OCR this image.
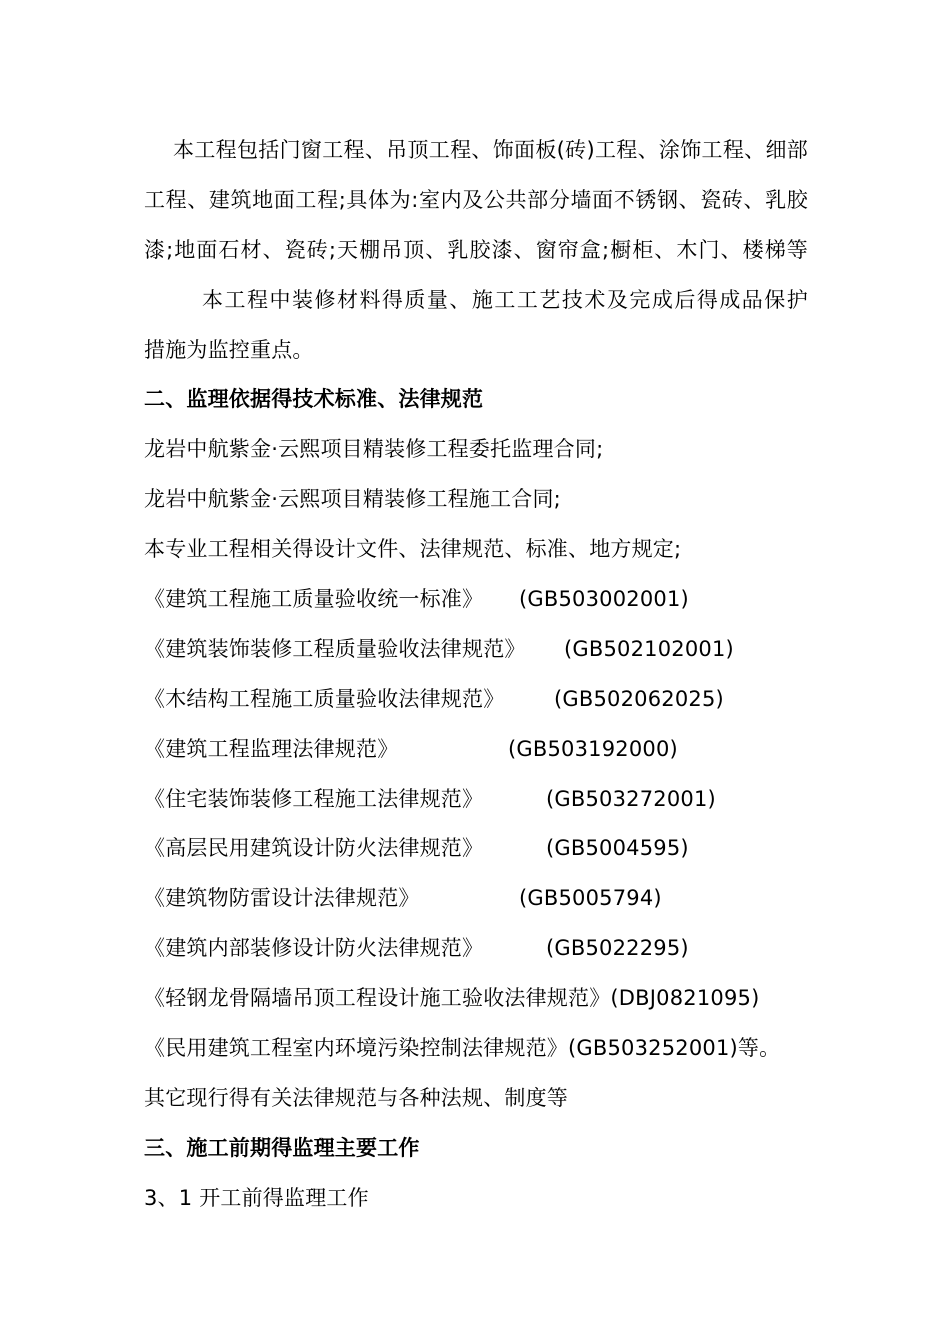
本工程包括门窗工程、吊顶工程、饰面板(砖)工程、涂饰工程、细部
工程、建筑地面工程;具体为:室内及公共部分墙面不锈钢、瓷砖、乳胶
漆;地面石材、瓷砖;天棚吊顶、乳胶漆、窗帘盒;橱柜、木门、楼梯等
本工程中装修材料得质量、施工工艺技术及完成后得成品保护
措施为监控重点。
二、监理依据得技术标准、法律规范
龙岩中航紫金·云熙项目精装修工程委托监理合同;
龙岩中航紫金·云熙项目精装修工程施工合同;
本专业工程相关得设计文件、法律规范、标准、地方规定;
《建筑工程施工质量验收统一标准》 (GB503002001)
《建筑装饰装修工程质量验收法律规范》 (GB502102001)
《木结构工程施工质量验收法律规范》 (GB502062025)
《建筑工程监理法律规范》	(GB503192000)
《住宅装饰装修工程施工法律规范》	(GB503272001)
《高层民用建筑设计防火法律规范》	(GB5004595)
《建筑物防雷设计法律规范》	(GB5005794)
《建筑内部装修设计防火法律规范》	(GB5022295)
《轻钢龙骨隔墙吊顶工程设计施工验收法律规范》(DBJ0821095)
《民用建筑工程室内环境污染控制法律规范》(GB503252001)等。
其它现行得有关法律规范与各种法规、制度等
三、施工前期得监理主要工作
3、1 开工前得监理工作
